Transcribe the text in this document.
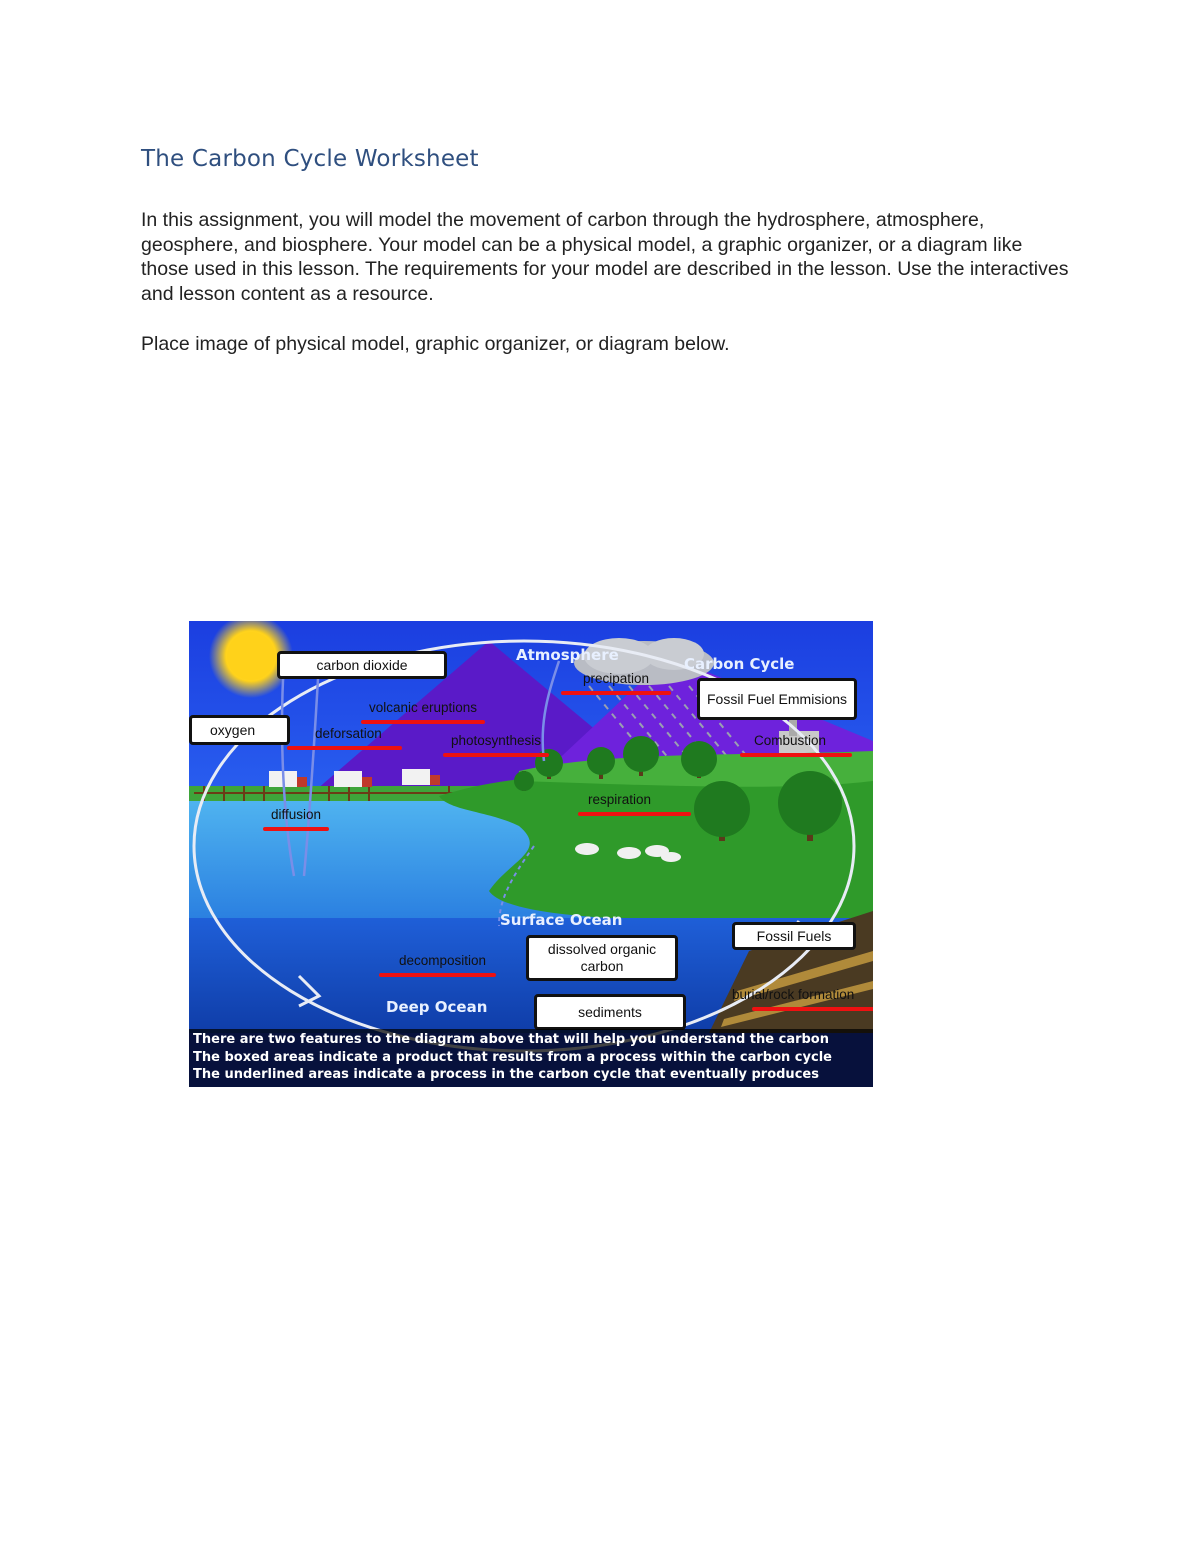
The Carbon Cycle Worksheet

In this assignment, you will model the movement of carbon through the hydrosphere, atmosphere, geosphere, and biosphere. Your model can be a physical model, a graphic organizer, or a diagram like those used in this lesson. The requirements for your model are described in the lesson. Use the interactives and lesson content as a resource.

Place image of physical model, graphic organizer, or diagram below.

Atmosphere	Carbon Cycle
Surface Ocean
Deep Ocean
carbon dioxide
oxygen
Fossil Fuel Emmisions
Fossil Fuels
dissolved organic carbon
sediments
volcanic eruptions
deforsation	photosynthesis
precipation
Combustion
diffusion
respiration
decomposition
burial/rock formation
There are two features to the diagram above that will help you understand the carbon
The boxed areas indicate a product that results from a process within the carbon cycle
The underlined areas indicate a process in the carbon cycle that eventually produces
